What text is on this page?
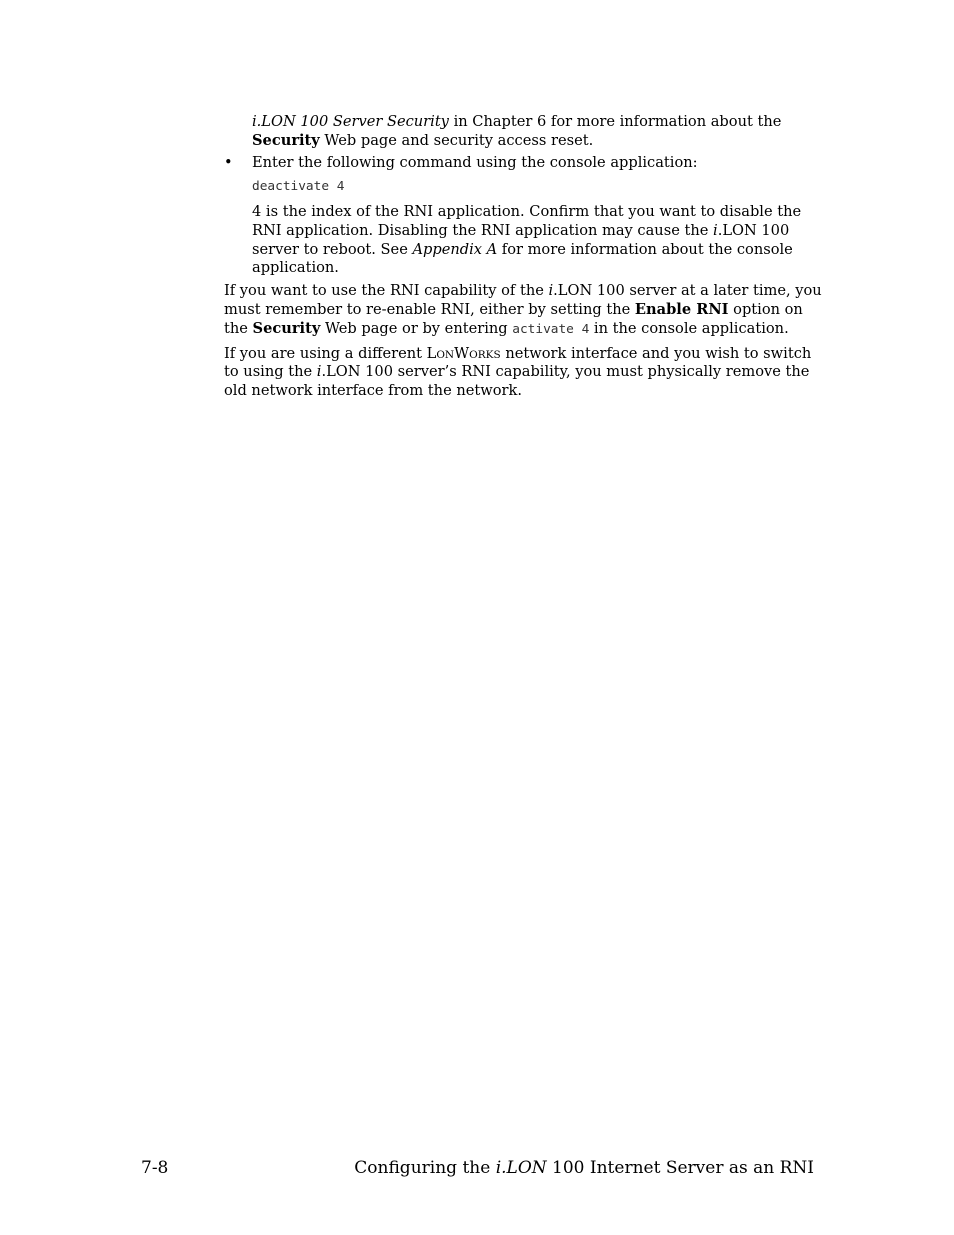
i.LON 100 Server Security in Chapter 6 for more information about the

Security Web page and security access reset.

• Enter the following command using the console application:

deactivate 4

4 is the index of the RNI application. Confirm that you want to disable the

RNI application. Disabling the RNI application may cause the i.LON 100

server to reboot. See Appendix A for more information about the console

application.

If you want to use the RNI capability of the i.LON 100 server at a later time, you

must remember to re-enable RNI, either by setting the Enable RNI option on

the Security Web page or by entering activate 4 in the console application.

If you are using a different LONWORKS network interface and you wish to switch

to using the i.LON 100 server’s RNI capability, you must physically remove the

old network interface from the network.

7-8	Configuring the i.LON 100 Internet Server as an RNI
